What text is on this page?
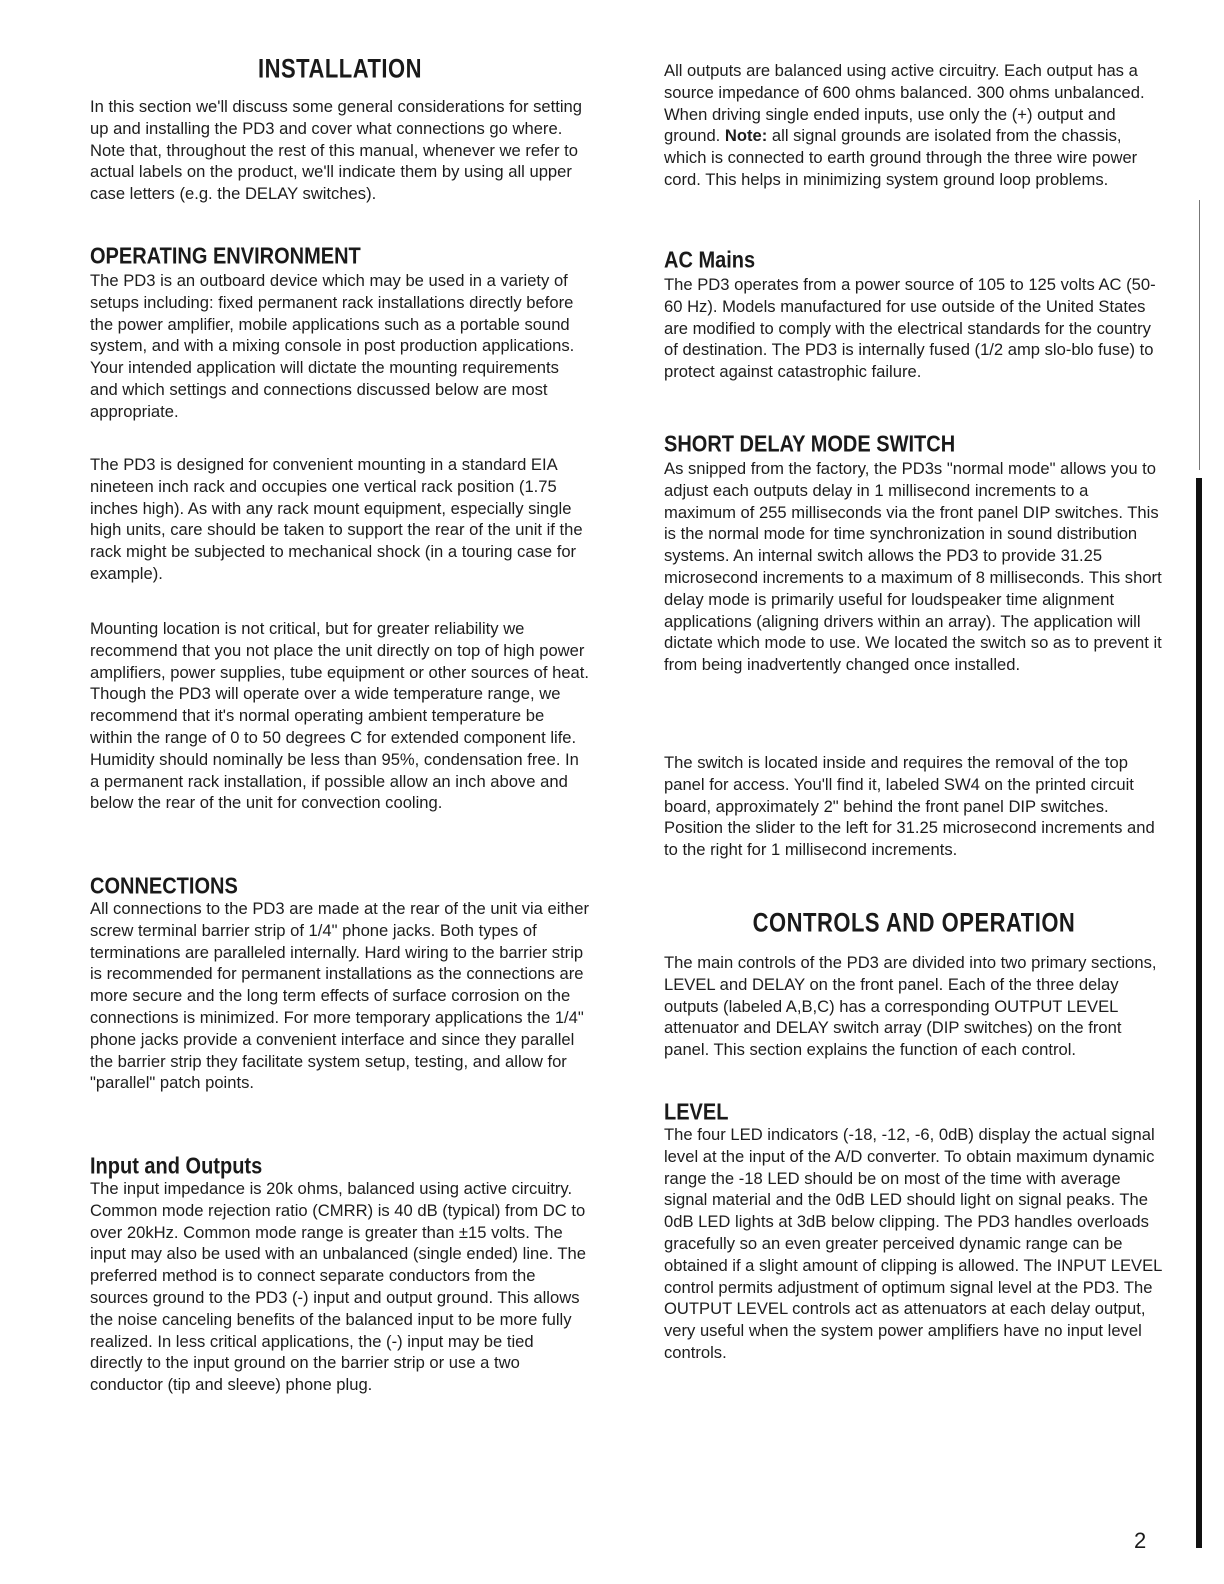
INSTALLATION

In this section we'll discuss some general considerations for setting up and installing the PD3 and cover what connections go where. Note that, throughout the rest of this manual, whenever we refer to actual labels on the product, we'll indicate them by using all upper case letters (e.g. the DELAY switches).

OPERATING ENVIRONMENT

The PD3 is an outboard device which may be used in a variety of setups including: fixed permanent rack installations directly before the power amplifier, mobile applications such as a portable sound system, and with a mixing console in post production applications. Your intended application will dictate the mounting requirements and which settings and connections discussed below are most appropriate.

The PD3 is designed for convenient mounting in a standard EIA nineteen inch rack and occupies one vertical rack position (1.75 inches high). As with any rack mount equipment, especially single high units, care should be taken to support the rear of the unit if the rack might be subjected to mechanical shock (in a touring case for example).

Mounting location is not critical, but for greater reliability we recommend that you not place the unit directly on top of high power amplifiers, power supplies, tube equipment or other sources of heat. Though the PD3 will operate over a wide temperature range, we recommend that it's normal operating ambient temperature be within the range of 0 to 50 degrees C for extended component life. Humidity should nominally be less than 95%, condensation free. In a permanent rack installation, if possible allow an inch above and below the rear of the unit for convection cooling.

CONNECTIONS

All connections to the PD3 are made at the rear of the unit via either screw terminal barrier strip of 1/4" phone jacks. Both types of terminations are paralleled internally. Hard wiring to the barrier strip is recommended for permanent installations as the connections are more secure and the long term effects of surface corrosion on the connections is minimized. For more temporary applications the 1/4" phone jacks provide a convenient interface and since they parallel the barrier strip they facilitate system setup, testing, and allow for "parallel" patch points.

Input and Outputs

The input impedance is 20k ohms, balanced using active circuitry. Common mode rejection ratio (CMRR) is 40 dB (typical) from DC to over 20kHz. Common mode range is greater than ±15 volts. The input may also be used with an unbalanced (single ended) line. The preferred method is to connect separate conductors from the sources ground to the PD3 (-) input and output ground. This allows the noise canceling benefits of the balanced input to be more fully realized. In less critical applications, the (-) input may be tied directly to the input ground on the barrier strip or use a two conductor (tip and sleeve) phone plug.

All outputs are balanced using active circuitry. Each output has a source impedance of 600 ohms balanced. 300 ohms unbalanced. When driving single ended inputs, use only the (+) output and ground. Note: all signal grounds are isolated from the chassis, which is connected to earth ground through the three wire power cord. This helps in minimizing system ground loop problems.

AC Mains

The PD3 operates from a power source of 105 to 125 volts AC (50-60 Hz). Models manufactured for use outside of the United States are modified to comply with the electrical standards for the country of destination. The PD3 is internally fused (1/2 amp slo-blo fuse) to protect against catastrophic failure.

SHORT DELAY MODE SWITCH

As snipped from the factory, the PD3s "normal mode" allows you to adjust each outputs delay in 1 millisecond increments to a maximum of 255 milliseconds via the front panel DIP switches. This is the normal mode for time synchronization in sound distribution systems. An internal switch allows the PD3 to provide 31.25 microsecond increments to a maximum of 8 milliseconds. This short delay mode is primarily useful for loudspeaker time alignment applications (aligning drivers within an array). The application will dictate which mode to use. We located the switch so as to prevent it from being inadvertently changed once installed.

The switch is located inside and requires the removal of the top panel for access. You'll find it, labeled SW4 on the printed circuit board, approximately 2" behind the front panel DIP switches. Position the slider to the left for 31.25 microsecond increments and to the right for 1 millisecond increments.

CONTROLS AND OPERATION

The main controls of the PD3 are divided into two primary sections, LEVEL and DELAY on the front panel. Each of the three delay outputs (labeled A,B,C) has a corresponding OUTPUT LEVEL attenuator and DELAY switch array (DIP switches) on the front panel. This section explains the function of each control.

LEVEL

The four LED indicators (-18, -12, -6, 0dB) display the actual signal level at the input of the A/D converter. To obtain maximum dynamic range the -18 LED should be on most of the time with average signal material and the 0dB LED should light on signal peaks. The 0dB LED lights at 3dB below clipping. The PD3 handles overloads gracefully so an even greater perceived dynamic range can be obtained if a slight amount of clipping is allowed. The INPUT LEVEL control permits adjustment of optimum signal level at the PD3. The OUTPUT LEVEL controls act as attenuators at each delay output, very useful when the system power amplifiers have no input level controls.

2
